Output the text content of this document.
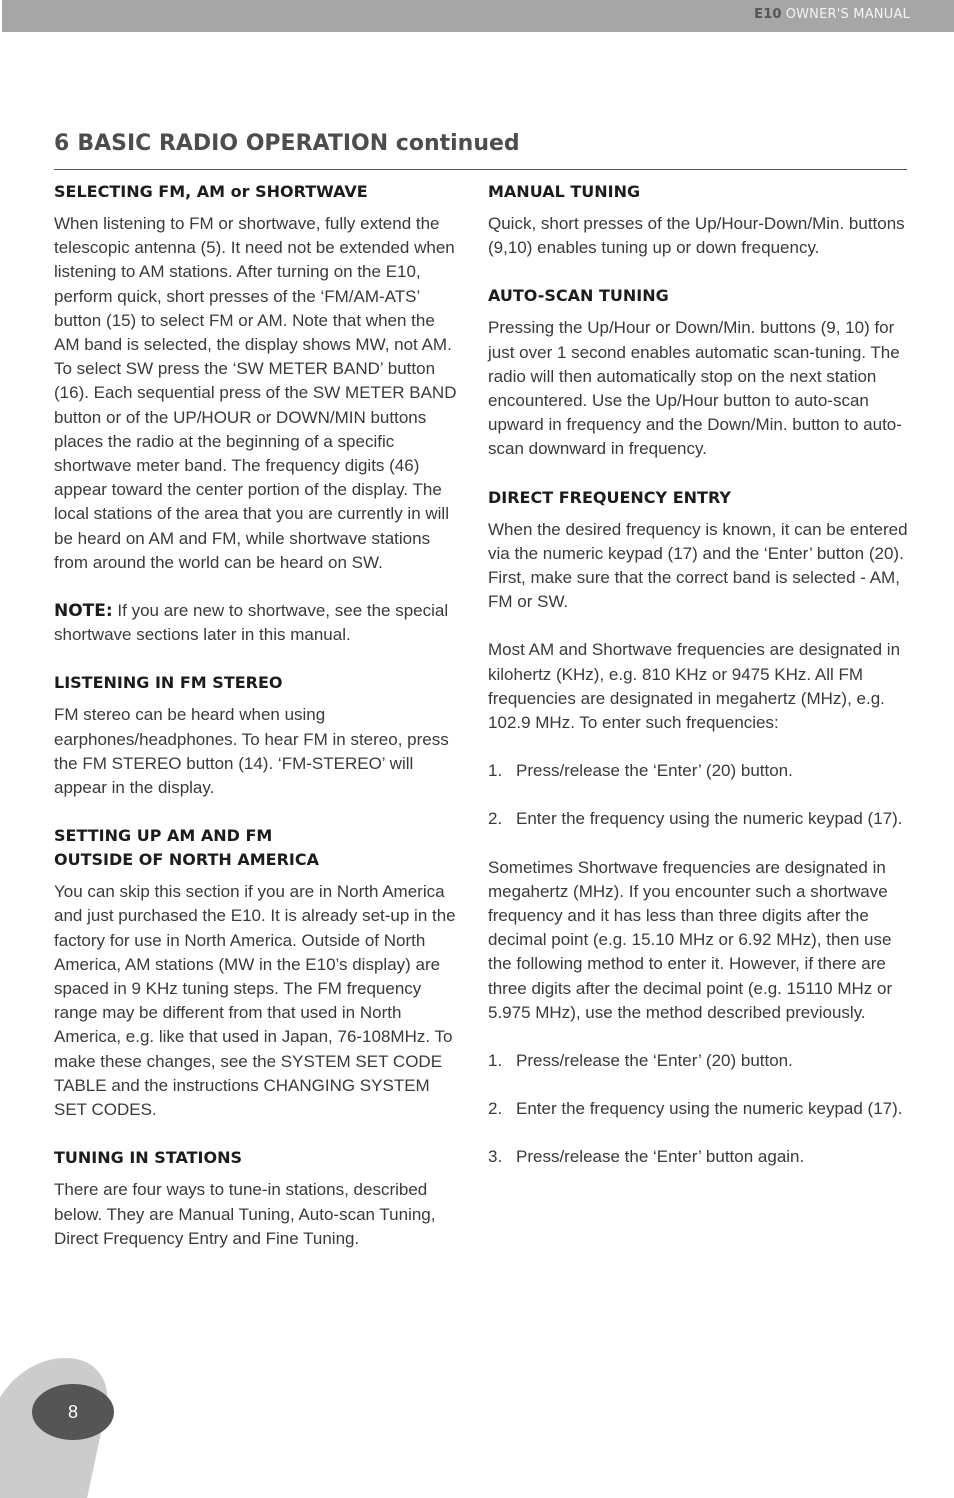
E10 OWNER'S MANUAL
6 BASIC RADIO OPERATION continued
SELECTING FM, AM or SHORTWAVE

When listening to FM or shortwave, fully extend the telescopic antenna (5). It need not be extended when listening to AM stations. After turning on the E10, perform quick, short presses of the ‘FM/AM-ATS’ button (15) to select FM or AM. Note that when the AM band is selected, the display shows MW, not AM. To select SW press the ‘SW METER BAND’ button (16). Each sequential press of the SW METER BAND button or of the UP/HOUR or DOWN/MIN buttons places the radio at the beginning of a specific shortwave meter band. The frequency digits (46) appear toward the center portion of the display. The local stations of the area that you are currently in will be heard on AM and FM, while shortwave stations from around the world can be heard on SW.

NOTE: If you are new to shortwave, see the special shortwave sections later in this manual.

LISTENING IN FM STEREO

FM stereo can be heard when using earphones/headphones. To hear FM in stereo, press the FM STEREO button (14). ‘FM-STEREO’ will appear in the display.

SETTING UP AM AND FM
OUTSIDE OF NORTH AMERICA

You can skip this section if you are in North America and just purchased the E10. It is already set-up in the factory for use in North America. Outside of North America, AM stations (MW in the E10’s display) are spaced in 9 KHz tuning steps. The FM frequency range may be different from that used in North America, e.g. like that used in Japan, 76-108MHz. To make these changes, see the SYSTEM SET CODE TABLE and the instructions CHANGING SYSTEM SET CODES.

TUNING IN STATIONS

There are four ways to tune-in stations, described below. They are Manual Tuning, Auto-scan Tuning, Direct Frequency Entry and Fine Tuning.

MANUAL TUNING

Quick, short presses of the Up/Hour-Down/Min. buttons (9,10) enables tuning up or down frequency.

AUTO-SCAN TUNING

Pressing the Up/Hour or Down/Min. buttons (9, 10) for just over 1 second enables automatic scan-tuning. The radio will then automatically stop on the next station encountered. Use the Up/Hour button to auto-scan upward in frequency and the Down/Min. button to auto-scan downward in frequency.

DIRECT FREQUENCY ENTRY

When the desired frequency is known, it can be entered via the numeric keypad (17) and the ‘Enter’ button (20). First, make sure that the correct band is selected - AM, FM or SW.

Most AM and Shortwave frequencies are designated in kilohertz (KHz), e.g. 810 KHz or 9475 KHz. All FM frequencies are designated in megahertz (MHz), e.g. 102.9 MHz. To enter such frequencies:

1. Press/release the ‘Enter’ (20) button.
2. Enter the frequency using the numeric keypad (17).

Sometimes Shortwave frequencies are designated in megahertz (MHz). If you encounter such a shortwave frequency and it has less than three digits after the decimal point (e.g. 15.10 MHz or 6.92 MHz), then use the following method to enter it. However, if there are three digits after the decimal point (e.g. 15110 MHz or 5.975 MHz), use the method described previously.

1. Press/release the ‘Enter’ (20) button.
2. Enter the frequency using the numeric keypad (17).
3. Press/release the ‘Enter’ button again.
8
